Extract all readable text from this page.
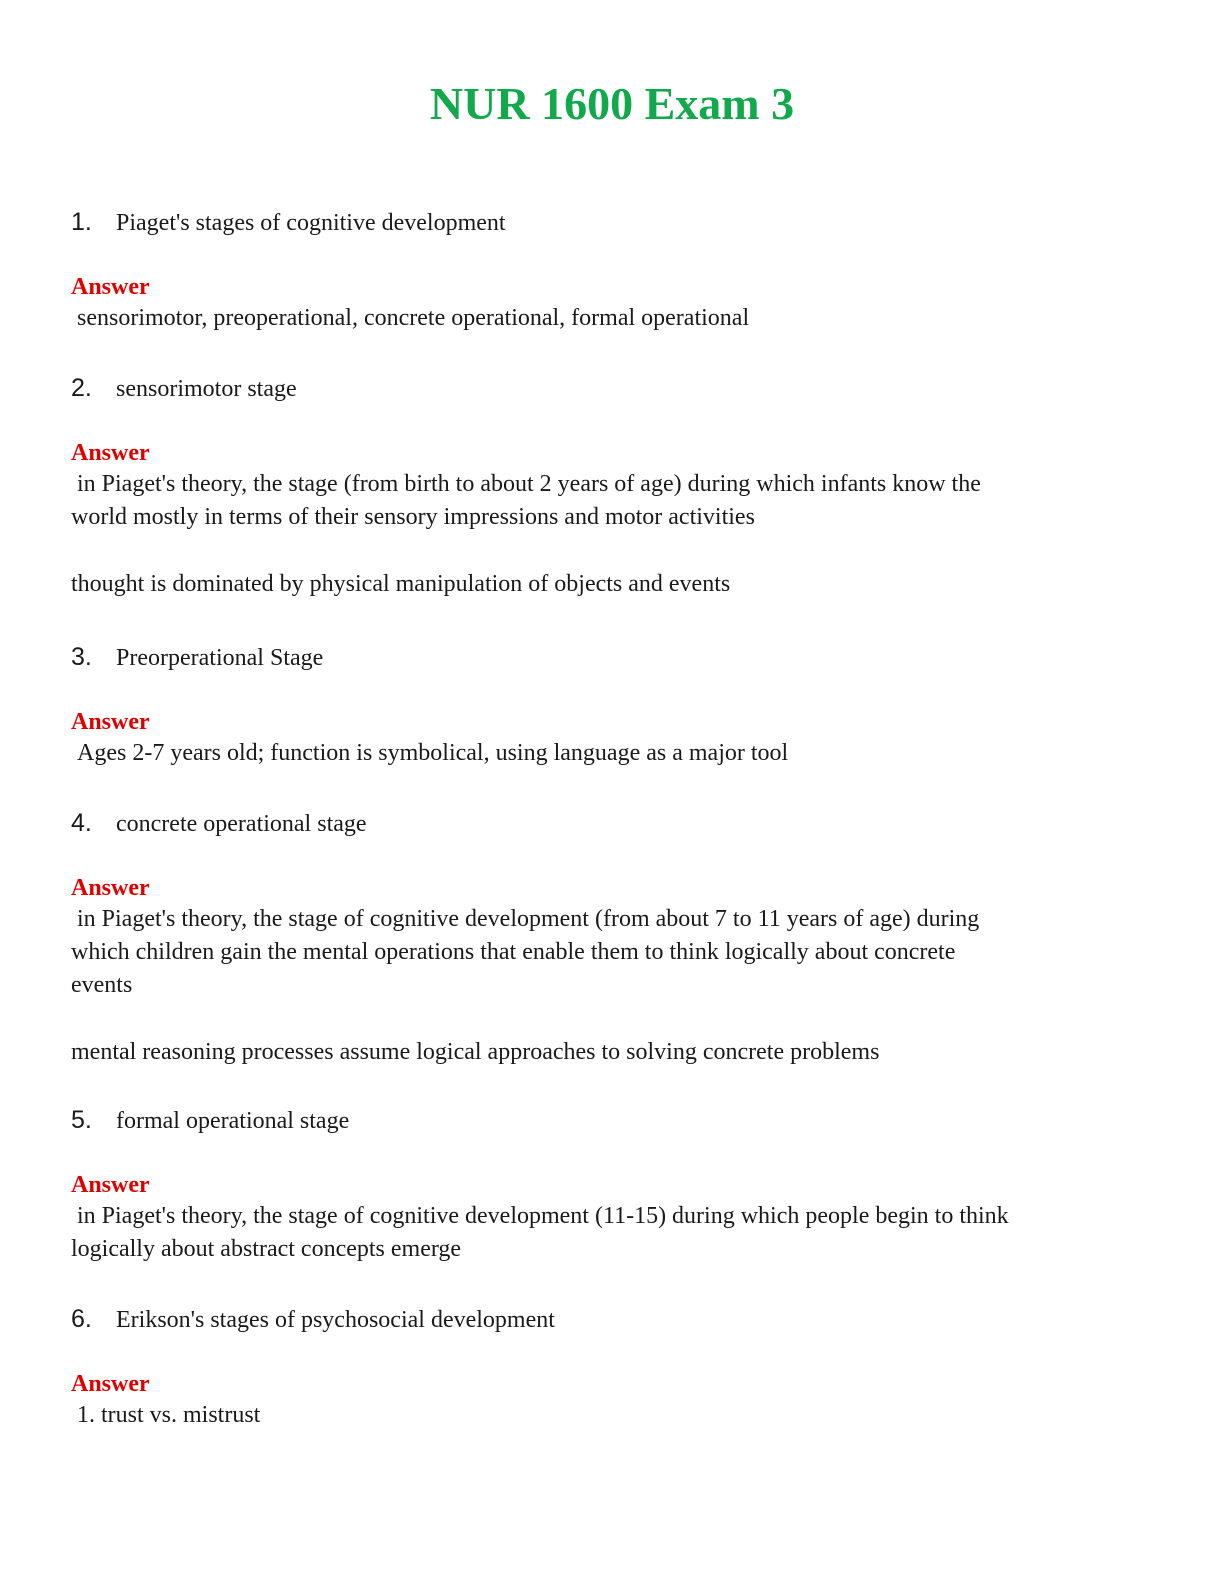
NUR 1600 Exam 3
1.	Piaget's stages of cognitive development
Answer
sensorimotor, preoperational, concrete operational, formal operational
2.	sensorimotor stage
Answer
in Piaget's theory, the stage (from birth to about 2 years of age) during which infants know the
world mostly in terms of their sensory impressions and motor activities
thought is dominated by physical manipulation of objects and events
3.	Preorperational Stage
Answer
Ages 2-7 years old; function is symbolical, using language as a major tool
4.	concrete operational stage
Answer
in Piaget's theory, the stage of cognitive development (from about 7 to 11 years of age) during
which children gain the mental operations that enable them to think logically about concrete
events
mental reasoning processes assume logical approaches to solving concrete problems
5.	formal operational stage
Answer
in Piaget's theory, the stage of cognitive development (11-15) during which people begin to think
logically about abstract concepts emerge
6.	Erikson's stages of psychosocial development
Answer
1. trust vs. mistrust
